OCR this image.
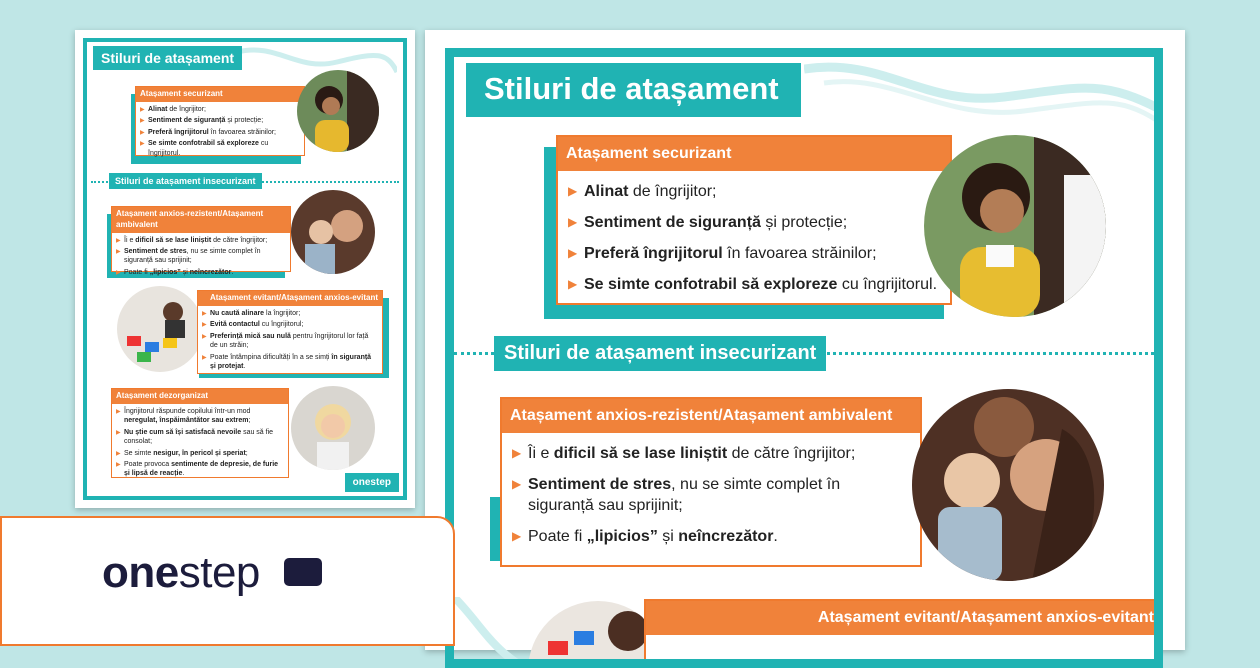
Stiluri de atașament
Atașament securizant
▶ Alinat de îngrijitor;
▶ Sentiment de siguranță și protecție;
▶ Preferă îngrijitorul în favoarea străinilor;
▶ Se simte confotrabil să exploreze cu îngrijitorul.
Stiluri de atașament insecurizant
Atașament anxios-rezistent/Atașament ambivalent
▶ Îi e dificil să se lase liniștit de către îngrijitor;
▶ Sentiment de stres, nu se simte complet în siguranță sau sprijinit;
▶ Poate fi „lipicios” și neîncrezător.
Atașament evitant/Atașament anxios-evitant
▶ Nu caută alinare la îngrijitor;
▶ Evită contactul cu îngrijitorul;
▶ Preferință mică sau nulă pentru îngrijitorul lor față de un străin;
▶ Poate întâmpina dificultăți în a se simți în siguranță și protejat.
Atașament dezorganizat
▶ Îngrijitorul răspunde copilului într-un mod neregulat, înspăimântător sau extrem;
▶ Nu știe cum să își satisfacă nevoile sau să fie consolat;
▶ Se simte nesigur, în pericol și speriat;
▶ Poate provoca sentimente de depresie, de furie și lipsă de reacție.
onestep
Stiluri de atașament
Atașament securizant
▶ Alinat de îngrijitor;
▶ Sentiment de siguranță și protecție;
▶ Preferă îngrijitorul în favoarea străinilor;
▶ Se simte confotrabil să exploreze cu îngrijitorul.
Stiluri de atașament insecurizant
Atașament anxios-rezistent/Atașament ambivalent
▶ Îi e dificil să se lase liniștit de către îngrijitor;
▶ Sentiment de stres, nu se simte complet în siguranță sau sprijinit;
▶ Poate fi „lipicios” și neîncrezător.
Atașament evitant/Atașament anxios-evitant
onestep
